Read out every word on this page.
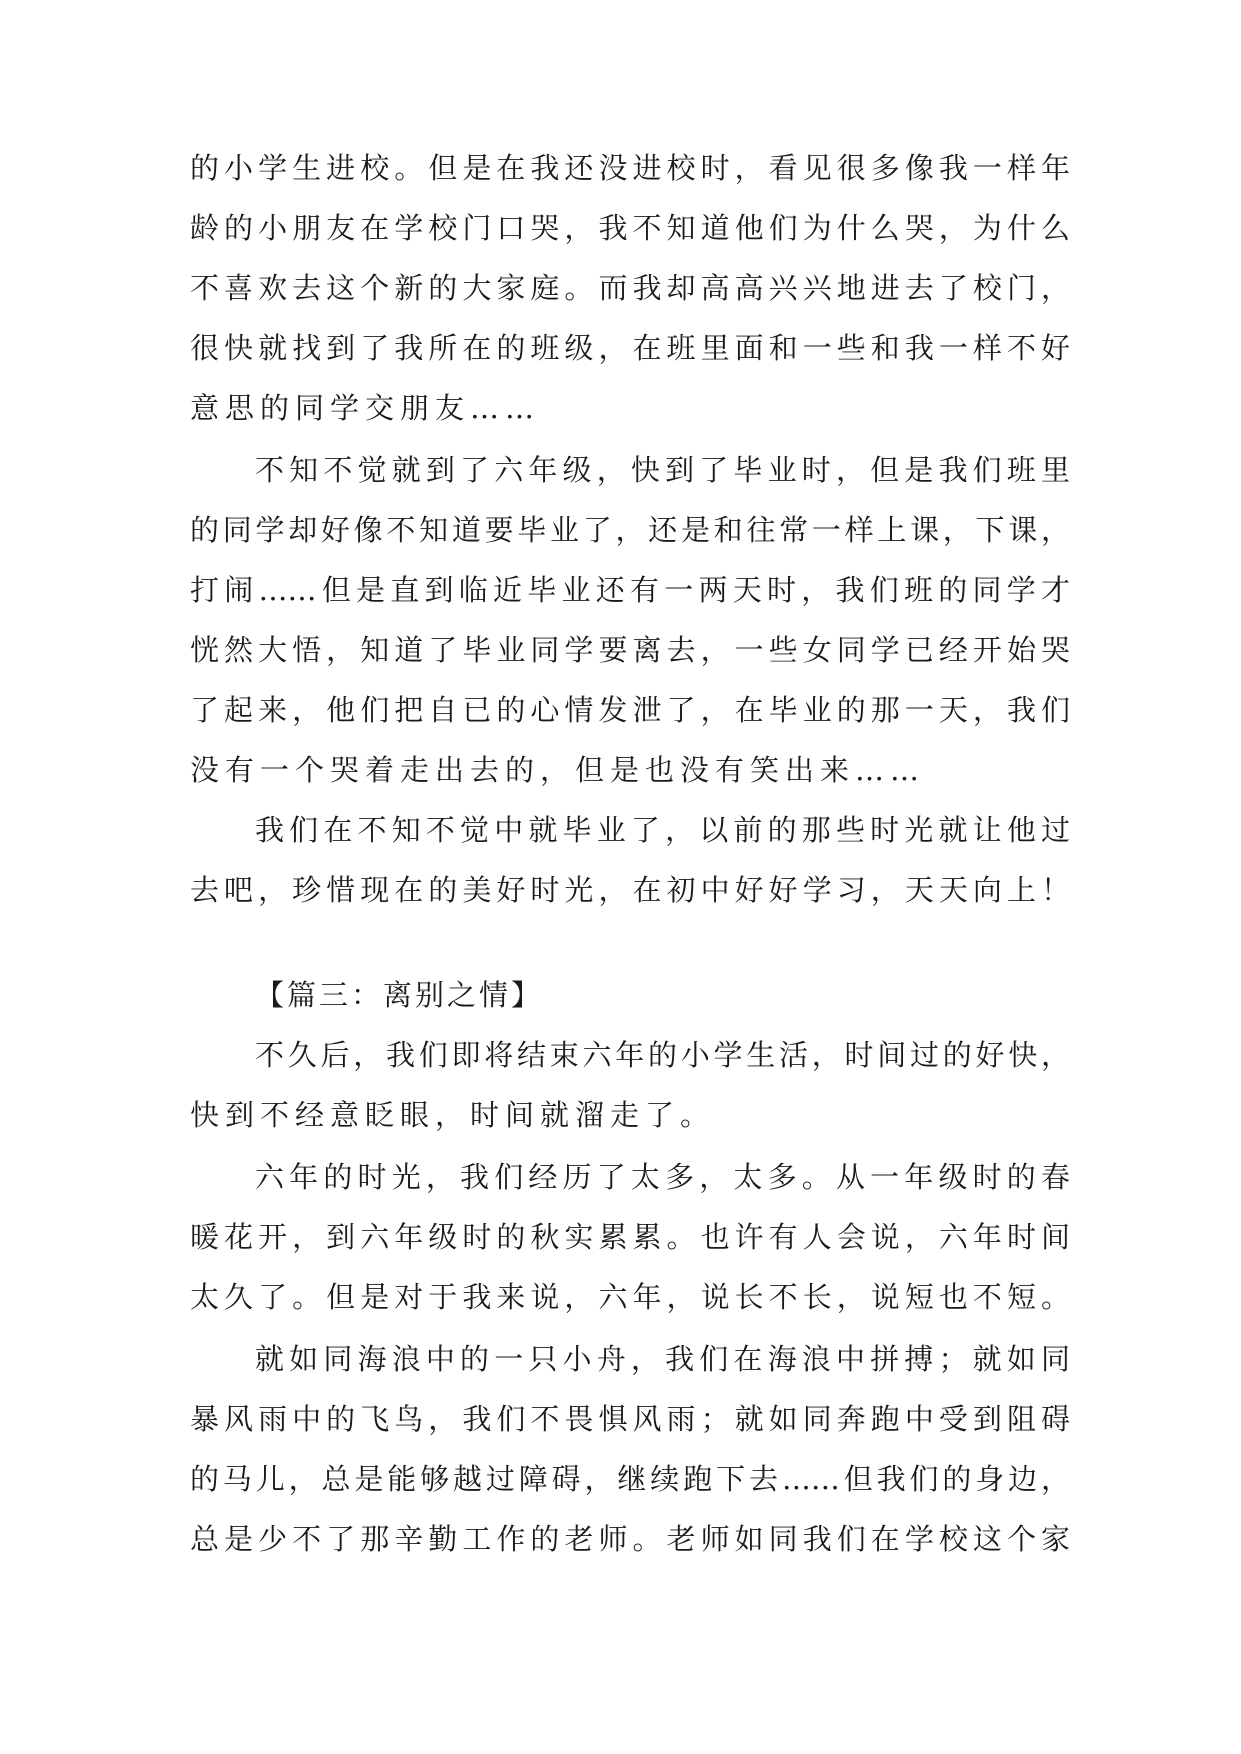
的小学生进校。但是在我还没进校时，看见很多像我一样年
龄的小朋友在学校门口哭，我不知道他们为什么哭，为什么
不喜欢去这个新的大家庭。而我却高高兴兴地进去了校门，
很快就找到了我所在的班级，在班里面和一些和我一样不好
意思的同学交朋友……
不知不觉就到了六年级，快到了毕业时，但是我们班里
的同学却好像不知道要毕业了，还是和往常一样上课，下课，
打闹……但是直到临近毕业还有一两天时，我们班的同学才
恍然大悟，知道了毕业同学要离去，一些女同学已经开始哭
了起来，他们把自已的心情发泄了，在毕业的那一天，我们
没有一个哭着走出去的，但是也没有笑出来……
我们在不知不觉中就毕业了，以前的那些时光就让他过
去吧，珍惜现在的美好时光，在初中好好学习，天天向上！
【篇三：离别之情】
不久后，我们即将结束六年的小学生活，时间过的好快，
快到不经意眨眼，时间就溜走了。
六年的时光，我们经历了太多，太多。从一年级时的春
暖花开，到六年级时的秋实累累。也许有人会说，六年时间
太久了。但是对于我来说，六年，说长不长，说短也不短。
就如同海浪中的一只小舟，我们在海浪中拼搏；就如同
暴风雨中的飞鸟，我们不畏惧风雨；就如同奔跑中受到阻碍
的马儿，总是能够越过障碍，继续跑下去……但我们的身边，
总是少不了那辛勤工作的老师。老师如同我们在学校这个家
